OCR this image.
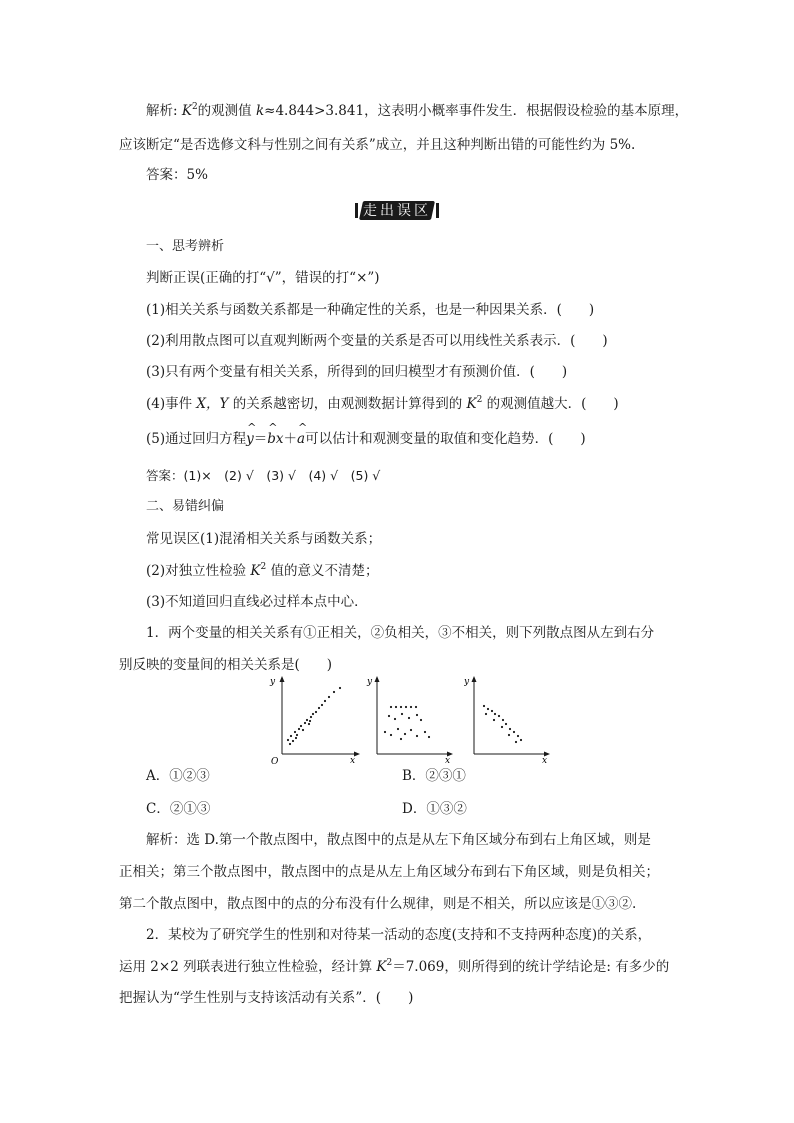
解析: $K^2$的观测值 k≈4.844>3.841，这表明小概率事件发生．根据假设检验的基本原理，
应该断定“是否选修文科与性别之间有关系”成立，并且这种判断出错的可能性约为 5%.
答案：5%
走出误区
一、思考辨析
判断正误(正确的打“√”，错误的打“×”)
(1)相关关系与函数关系都是一种确定性的关系，也是一种因果关系．(　　)
(2)利用散点图可以直观判断两个变量的关系是否可以用线性关系表示．(　　)
(3)只有两个变量有相关关系，所得到的回归模型才有预测价值．(　　)
(4)事件 X，Y 的关系越密切，由观测数据计算得到的 $K^2$ 的观测值越大．(　　)
(5)通过回归方程^ y＝^ bx＋^ a可以估计和观测变量的取值和变化趋势．(　　)
答案：(1)×　(2) √　(3) √　(4) √　(5) √
二、易错纠偏
常见误区(1)混淆相关关系与函数关系；
(2)对独立性检验 $K^2$ 值的意义不清楚；
(3)不知道回归直线必过样本点中心．
1．两个变量的相关关系有①正相关，②负相关，③不相关，则下列散点图从左到右分
别反映的变量间的相关关系是(　　)
y
x
O
y
x
y
x
A．①②③	B．②③①
C．②①③	D．①③②
解析：选 D.第一个散点图中，散点图中的点是从左下角区域分布到右上角区域，则是
正相关；第三个散点图中，散点图中的点是从左上角区域分布到右下角区域，则是负相关；
第二个散点图中，散点图中的点的分布没有什么规律，则是不相关，所以应该是①③②.
2．某校为了研究学生的性别和对待某一活动的态度(支持和不支持两种态度)的关系，
运用 2×2 列联表进行独立性检验，经计算 $K^2=7.069$，则所得到的统计学结论是: 有多少的
把握认为“学生性别与支持该活动有关系”．(　　)
